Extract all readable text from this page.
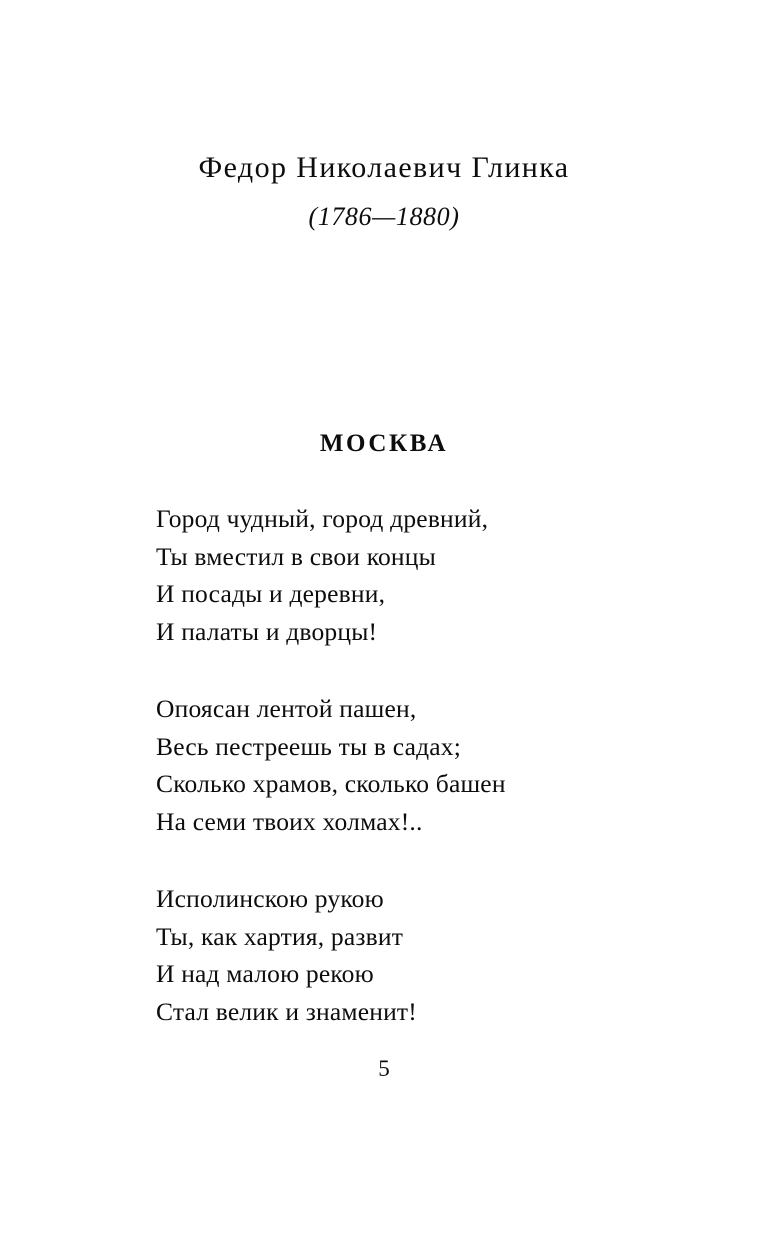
Федор Николаевич Глинка
(1786—1880)
МОСКВА
Город чудный, город древний,
Ты вместил в свои концы
И посады и деревни,
И палаты и дворцы!
Опоясан лентой пашен,
Весь пестреешь ты в садах;
Сколько храмов, сколько башен
На семи твоих холмах!..
Исполинскою рукою
Ты, как хартия, развит
И над малою рекою
Стал велик и знаменит!
5
